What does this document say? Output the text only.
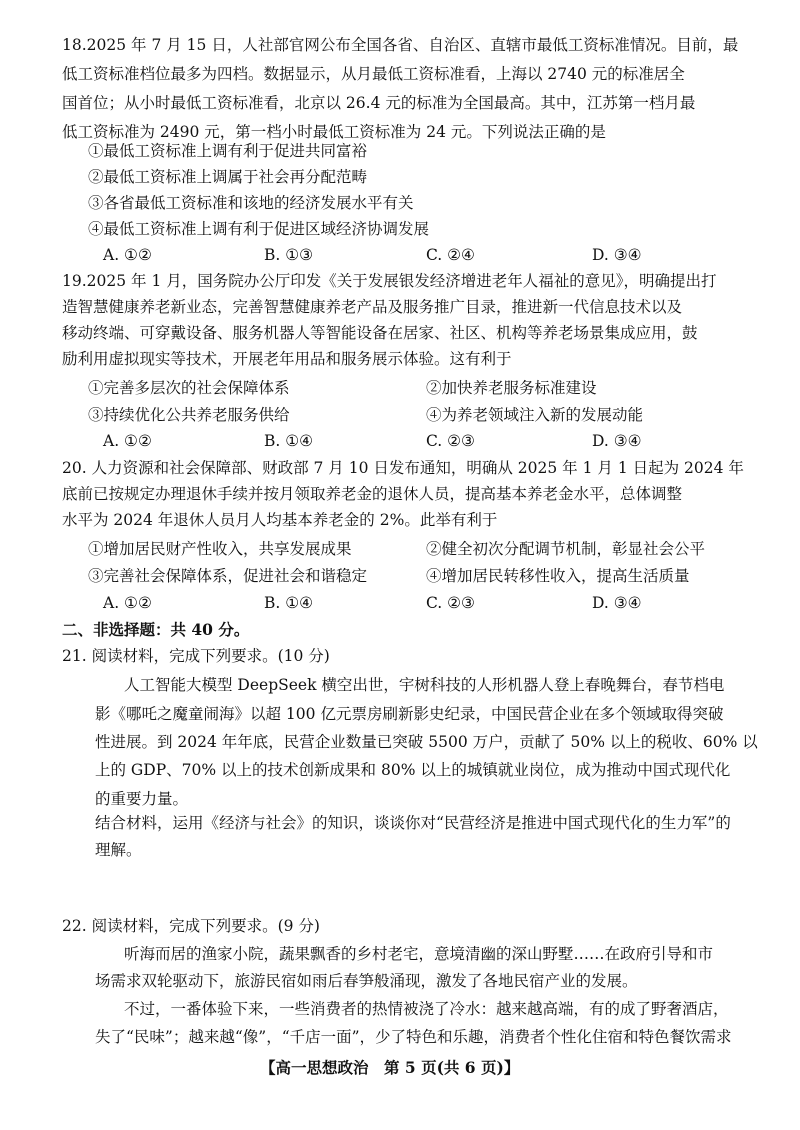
18.2025 年 7 月 15 日，人社部官网公布全国各省、自治区、直辖市最低工资标准情况。目前，最
低工资标准档位最多为四档。数据显示，从月最低工资标准看，上海以 2740 元的标准居全
国首位；从小时最低工资标准看，北京以 26.4 元的标准为全国最高。其中，江苏第一档月最
低工资标准为 2490 元，第一档小时最低工资标准为 24 元。下列说法正确的是
①最低工资标准上调有利于促进共同富裕
②最低工资标准上调属于社会再分配范畴
③各省最低工资标准和该地的经济发展水平有关
④最低工资标准上调有利于促进区域经济协调发展
A. ①②	B. ①③	C. ②④	D. ③④
19.2025 年 1 月，国务院办公厅印发《关于发展银发经济增进老年人福祉的意见》，明确提出打
造智慧健康养老新业态，完善智慧健康养老产品及服务推广目录，推进新一代信息技术以及
移动终端、可穿戴设备、服务机器人等智能设备在居家、社区、机构等养老场景集成应用，鼓
励利用虚拟现实等技术，开展老年用品和服务展示体验。这有利于
①完善多层次的社会保障体系	②加快养老服务标准建设
③持续优化公共养老服务供给	④为养老领域注入新的发展动能
A. ①②	B. ①④	C. ②③	D. ③④
20. 人力资源和社会保障部、财政部 7 月 10 日发布通知，明确从 2025 年 1 月 1 日起为 2024 年
底前已按规定办理退休手续并按月领取养老金的退休人员，提高基本养老金水平，总体调整
水平为 2024 年退休人员月人均基本养老金的 2%。此举有利于
①增加居民财产性收入，共享发展成果	②健全初次分配调节机制，彰显社会公平
③完善社会保障体系，促进社会和谐稳定	④增加居民转移性收入，提高生活质量
A. ①②	B. ①④	C. ②③	D. ③④
二、非选择题：共 40 分。
21. 阅读材料，完成下列要求。(10 分)
人工智能大模型 DeepSeek 横空出世，宇树科技的人形机器人登上春晚舞台，春节档电
影《哪吒之魔童闹海》以超 100 亿元票房刷新影史纪录，中国民营企业在多个领域取得突破
性进展。到 2024 年年底，民营企业数量已突破 5500 万户，贡献了 50% 以上的税收、60% 以
上的 GDP、70% 以上的技术创新成果和 80% 以上的城镇就业岗位，成为推动中国式现代化
的重要力量。
结合材料，运用《经济与社会》的知识，谈谈你对“民营经济是推进中国式现代化的生力军”的
理解。
22. 阅读材料，完成下列要求。(9 分)
听海而居的渔家小院，蔬果飘香的乡村老宅，意境清幽的深山野墅……在政府引导和市
场需求双轮驱动下，旅游民宿如雨后春笋般涌现，激发了各地民宿产业的发展。
不过，一番体验下来，一些消费者的热情被浇了冷水：越来越高端，有的成了野奢酒店，
失了“民味”；越来越“像”，“千店一面”，少了特色和乐趣，消费者个性化住宿和特色餐饮需求
【高一思想政治　第 5 页(共 6 页)】
